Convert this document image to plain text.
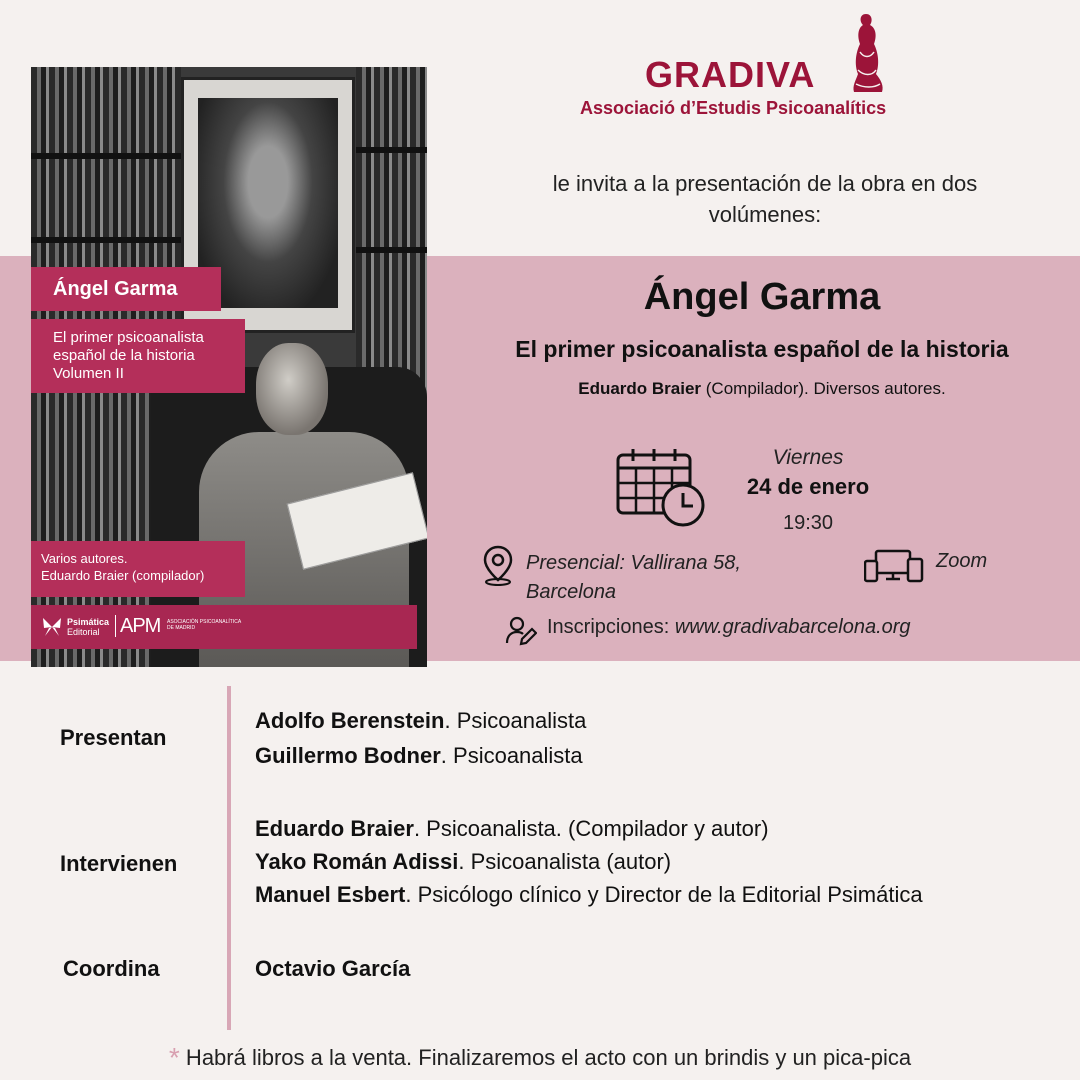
Ángel Garma
El primer psicoanalista
español de la historia
Volumen II
Varios autores.
Eduardo Braier (compilador)
Psimática
Editorial	APM ASOCIACIÓN PSICOANALÍTICA
DE MADRID
GRADIVA
Associació d’Estudis Psicoanalítics
le invita a la presentación de la obra en dos
volúmenes:
Ángel Garma
El primer psicoanalista español de la historia
Eduardo Braier (Compilador). Diversos autores.
Viernes
24 de enero
19:30
Presencial: Vallirana 58,
Barcelona
Zoom
Inscripciones: www.gradivabarcelona.org
Presentan
Adolfo Berenstein. Psicoanalista
Guillermo Bodner. Psicoanalista
Intervienen
Eduardo Braier. Psicoanalista. (Compilador y autor)
Yako Román Adissi. Psicoanalista (autor)
Manuel Esbert. Psicólogo clínico y Director de la Editorial Psimática
Coordina	Octavio García
* Habrá libros a la venta. Finalizaremos el acto con un brindis y un pica-pica
